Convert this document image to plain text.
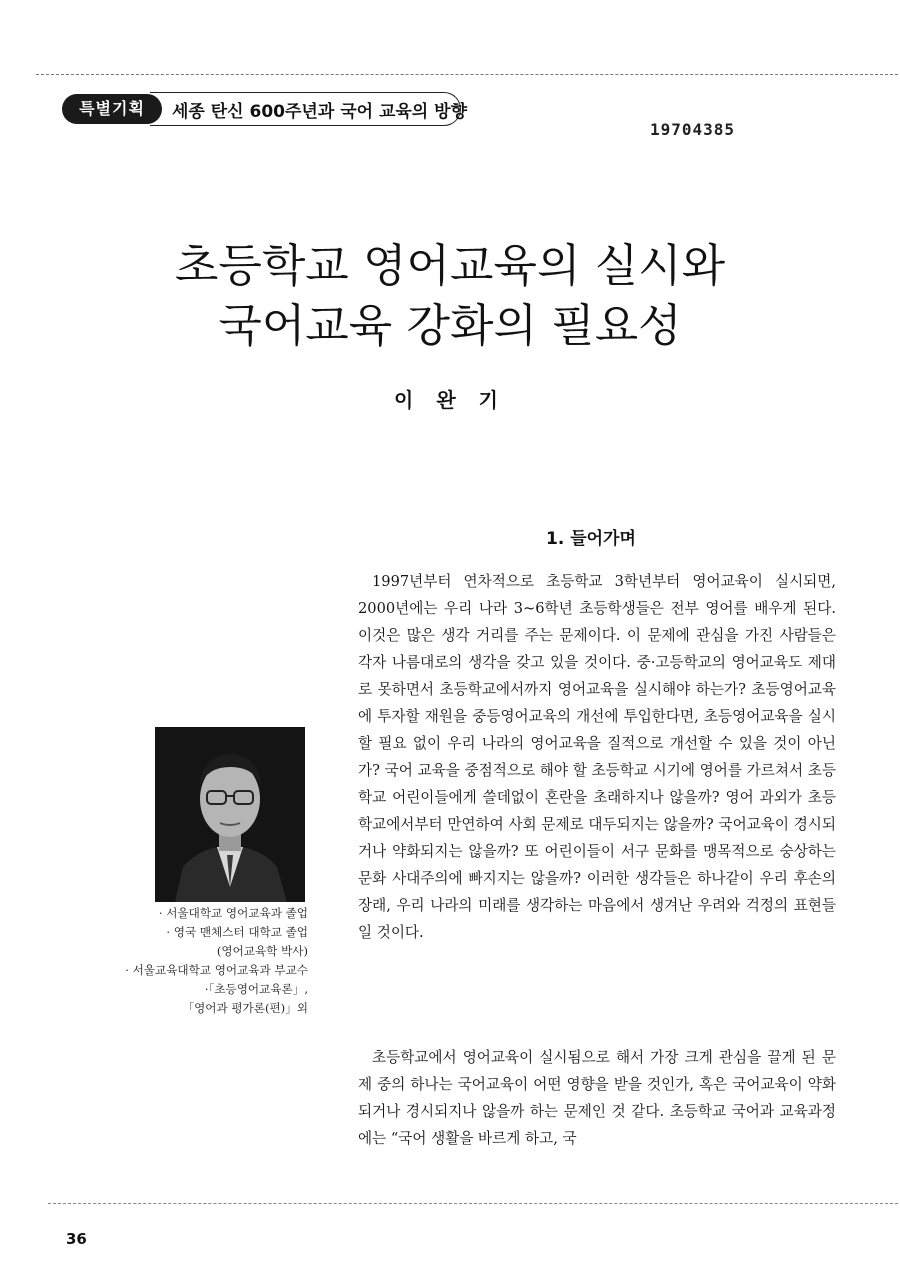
특별기획	세종 탄신 600주년과 국어 교육의 방향
19704385
초등학교 영어교육의 실시와
국어교육 강화의 필요성
이 완 기
1. 들어가며

1997년부터 연차적으로 초등학교 3학년부터 영어교육이 실시되면, 2000년에는 우리 나라 3~6학년 초등학생들은 전부 영어를 배우게 된다. 이것은 많은 생각 거리를 주는 문제이다. 이 문제에 관심을 가진 사람들은 각자 나름대로의 생각을 갖고 있을 것이다. 중·고등학교의 영어교육도 제대로 못하면서 초등학교에서까지 영어교육을 실시해야 하는가? 초등영어교육에 투자할 재원을 중등영어교육의 개선에 투입한다면, 초등영어교육을 실시할 필요 없이 우리 나라의 영어교육을 질적으로 개선할 수 있을 것이 아닌가? 국어 교육을 중점적으로 해야 할 초등학교 시기에 영어를 가르쳐서 초등학교 어린이들에게 쓸데없이 혼란을 초래하지나 않을까? 영어 과외가 초등학교에서부터 만연하여 사회 문제로 대두되지는 않을까? 국어교육이 경시되거나 약화되지는 않을까? 또 어린이들이 서구 문화를 맹목적으로 숭상하는 문화 사대주의에 빠지지는 않을까? 이러한 생각들은 하나같이 우리 후손의 장래, 우리 나라의 미래를 생각하는 마음에서 생겨난 우려와 걱정의 표현들일 것이다.

초등학교에서 영어교육이 실시됨으로 해서 가장 크게 관심을 끌게 된 문제 중의 하나는 국어교육이 어떤 영향을 받을 것인가, 혹은 국어교육이 약화되거나 경시되지나 않을까 하는 문제인 것 같다. 초등학교 국어과 교육과정에는 “국어 생활을 바르게 하고, 국

· 서울대학교 영어교육과 졸업
· 영국 맨체스터 대학교 졸업
(영어교육학 박사)
· 서울교육대학교 영어교육과 부교수
·「초등영어교육론」,
「영어과 평가론(편)」외
36
